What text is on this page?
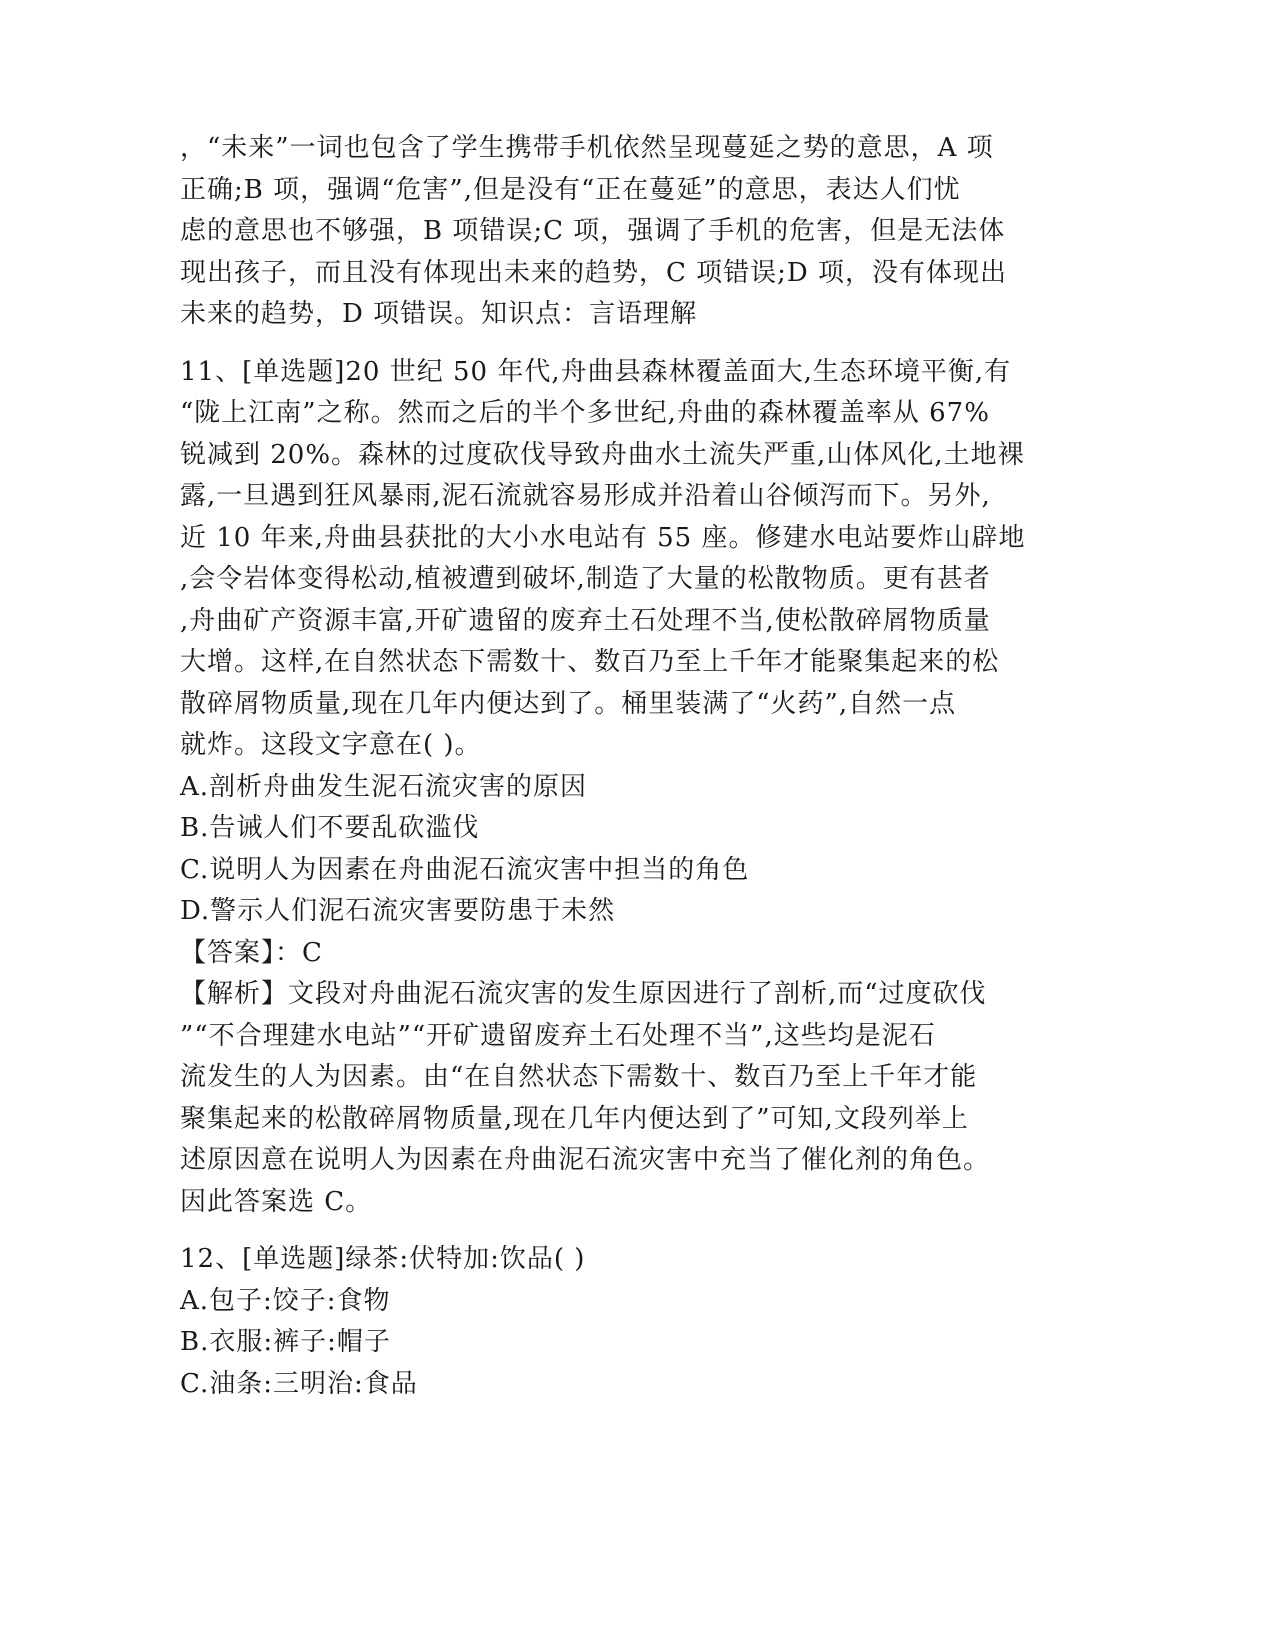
，“未来”一词也包含了学生携带手机依然呈现蔓延之势的意思，A 项
正确;B 项，强调“危害”,但是没有“正在蔓延”的意思，表达人们忧
虑的意思也不够强，B 项错误;C 项，强调了手机的危害，但是无法体
现出孩子，而且没有体现出未来的趋势，C 项错误;D 项，没有体现出
未来的趋势，D 项错误。知识点：言语理解
11、[单选题]20 世纪 50 年代,舟曲县森林覆盖面大,生态环境平衡,有
“陇上江南”之称。然而之后的半个多世纪,舟曲的森林覆盖率从 67%
锐减到 20%。森林的过度砍伐导致舟曲水土流失严重,山体风化,土地裸
露,一旦遇到狂风暴雨,泥石流就容易形成并沿着山谷倾泻而下。另外,
近 10 年来,舟曲县获批的大小水电站有 55 座。修建水电站要炸山辟地
,会令岩体变得松动,植被遭到破坏,制造了大量的松散物质。更有甚者
,舟曲矿产资源丰富,开矿遗留的废弃土石处理不当,使松散碎屑物质量
大增。这样,在自然状态下需数十、数百乃至上千年才能聚集起来的松
散碎屑物质量,现在几年内便达到了。桶里装满了“火药”,自然一点
就炸。这段文字意在( )。
A.剖析舟曲发生泥石流灾害的原因
B.告诫人们不要乱砍滥伐
C.说明人为因素在舟曲泥石流灾害中担当的角色
D.警示人们泥石流灾害要防患于未然
【答案】：C
【解析】文段对舟曲泥石流灾害的发生原因进行了剖析,而“过度砍伐
”“不合理建水电站”“开矿遗留废弃土石处理不当”,这些均是泥石
流发生的人为因素。由“在自然状态下需数十、数百乃至上千年才能
聚集起来的松散碎屑物质量,现在几年内便达到了”可知,文段列举上
述原因意在说明人为因素在舟曲泥石流灾害中充当了催化剂的角色。
因此答案选 C。
12、[单选题]绿茶:伏特加:饮品( )
A.包子:饺子:食物
B.衣服:裤子:帽子
C.油条:三明治:食品
